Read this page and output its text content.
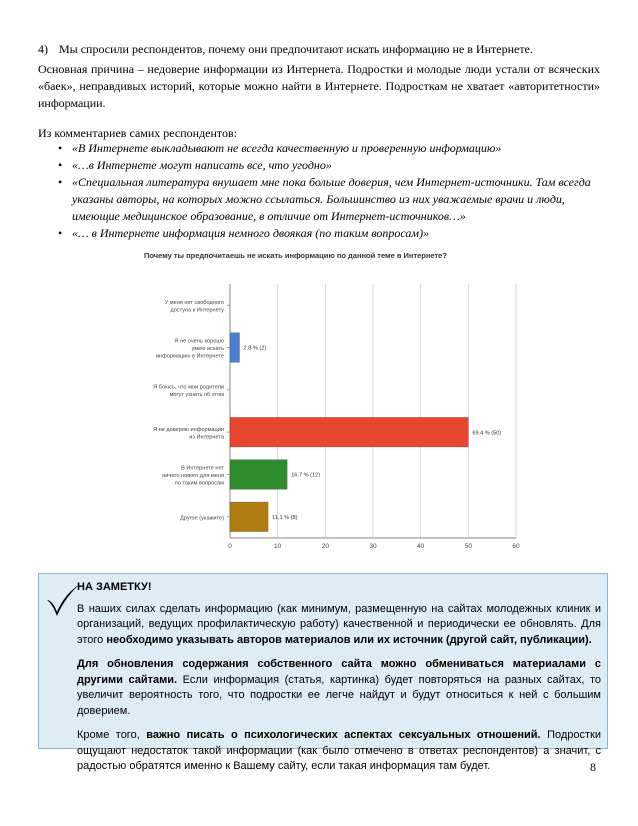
4) Мы спросили респондентов, почему они предпочитают искать информацию не в Интернете.
Основная причина – недоверие информации из Интернета. Подростки и молодые люди устали от всяческих «баек», неправдивых историй, которые можно найти в Интернете. Подросткам не хватает «авторитетности» информации.
Из комментариев самих респондентов:
• «В Интернете выкладывают не всегда качественную и проверенную информацию»
• «…в Интернете могут написать все, что угодно»
• «Специальная литература внушает мне пока больше доверия, чем Интернет-источники. Там всегда указаны авторы, на которых можно ссылаться. Большинство из них уважаемые врачи и люди, имеющие медицинское образование, в отличие от Интернет-источников…»
• «… в Интернете информация немного двоякая (по таким вопросам)»
Почему ты предпочитаешь не искать информацию по данной теме в Интернете?
0	10	20	30	40	50	60
У меня нет свободного
доступа к Интернету
Я не очень хорошо
умею искать
информацию в Интернете
2.8 % (2)
Я боюсь, что мои родители
могут узнать об этом
Я не доверяю информации
из Интернета
69.4 % (50)
В Интернете нет
ничего нового для меня
по таким вопросам
16.7 % (12)
Другое (укажите)	11.1 % (8)
НА ЗАМЕТКУ!

В наших силах сделать информацию (как минимум, размещенную на сайтах молодежных клиник и организаций, ведущих профилактическую работу) качественной и периодически ее обновлять. Для этого необходимо указывать авторов материалов или их источник (другой сайт, публикации).

Для обновления содержания собственного сайта можно обмениваться материалами с другими сайтами. Если информация (статья, картинка) будет повторяться на разных сайтах, то увеличит вероятность того, что подростки ее легче найдут и будут относиться к ней с большим доверием.

Кроме того, важно писать о психологических аспектах сексуальных отношений. Подростки ощущают недостаток такой информации (как было отмечено в ответах респондентов) а значит, с радостью обратятся именно к Вашему сайту, если такая информация там будет.	8
